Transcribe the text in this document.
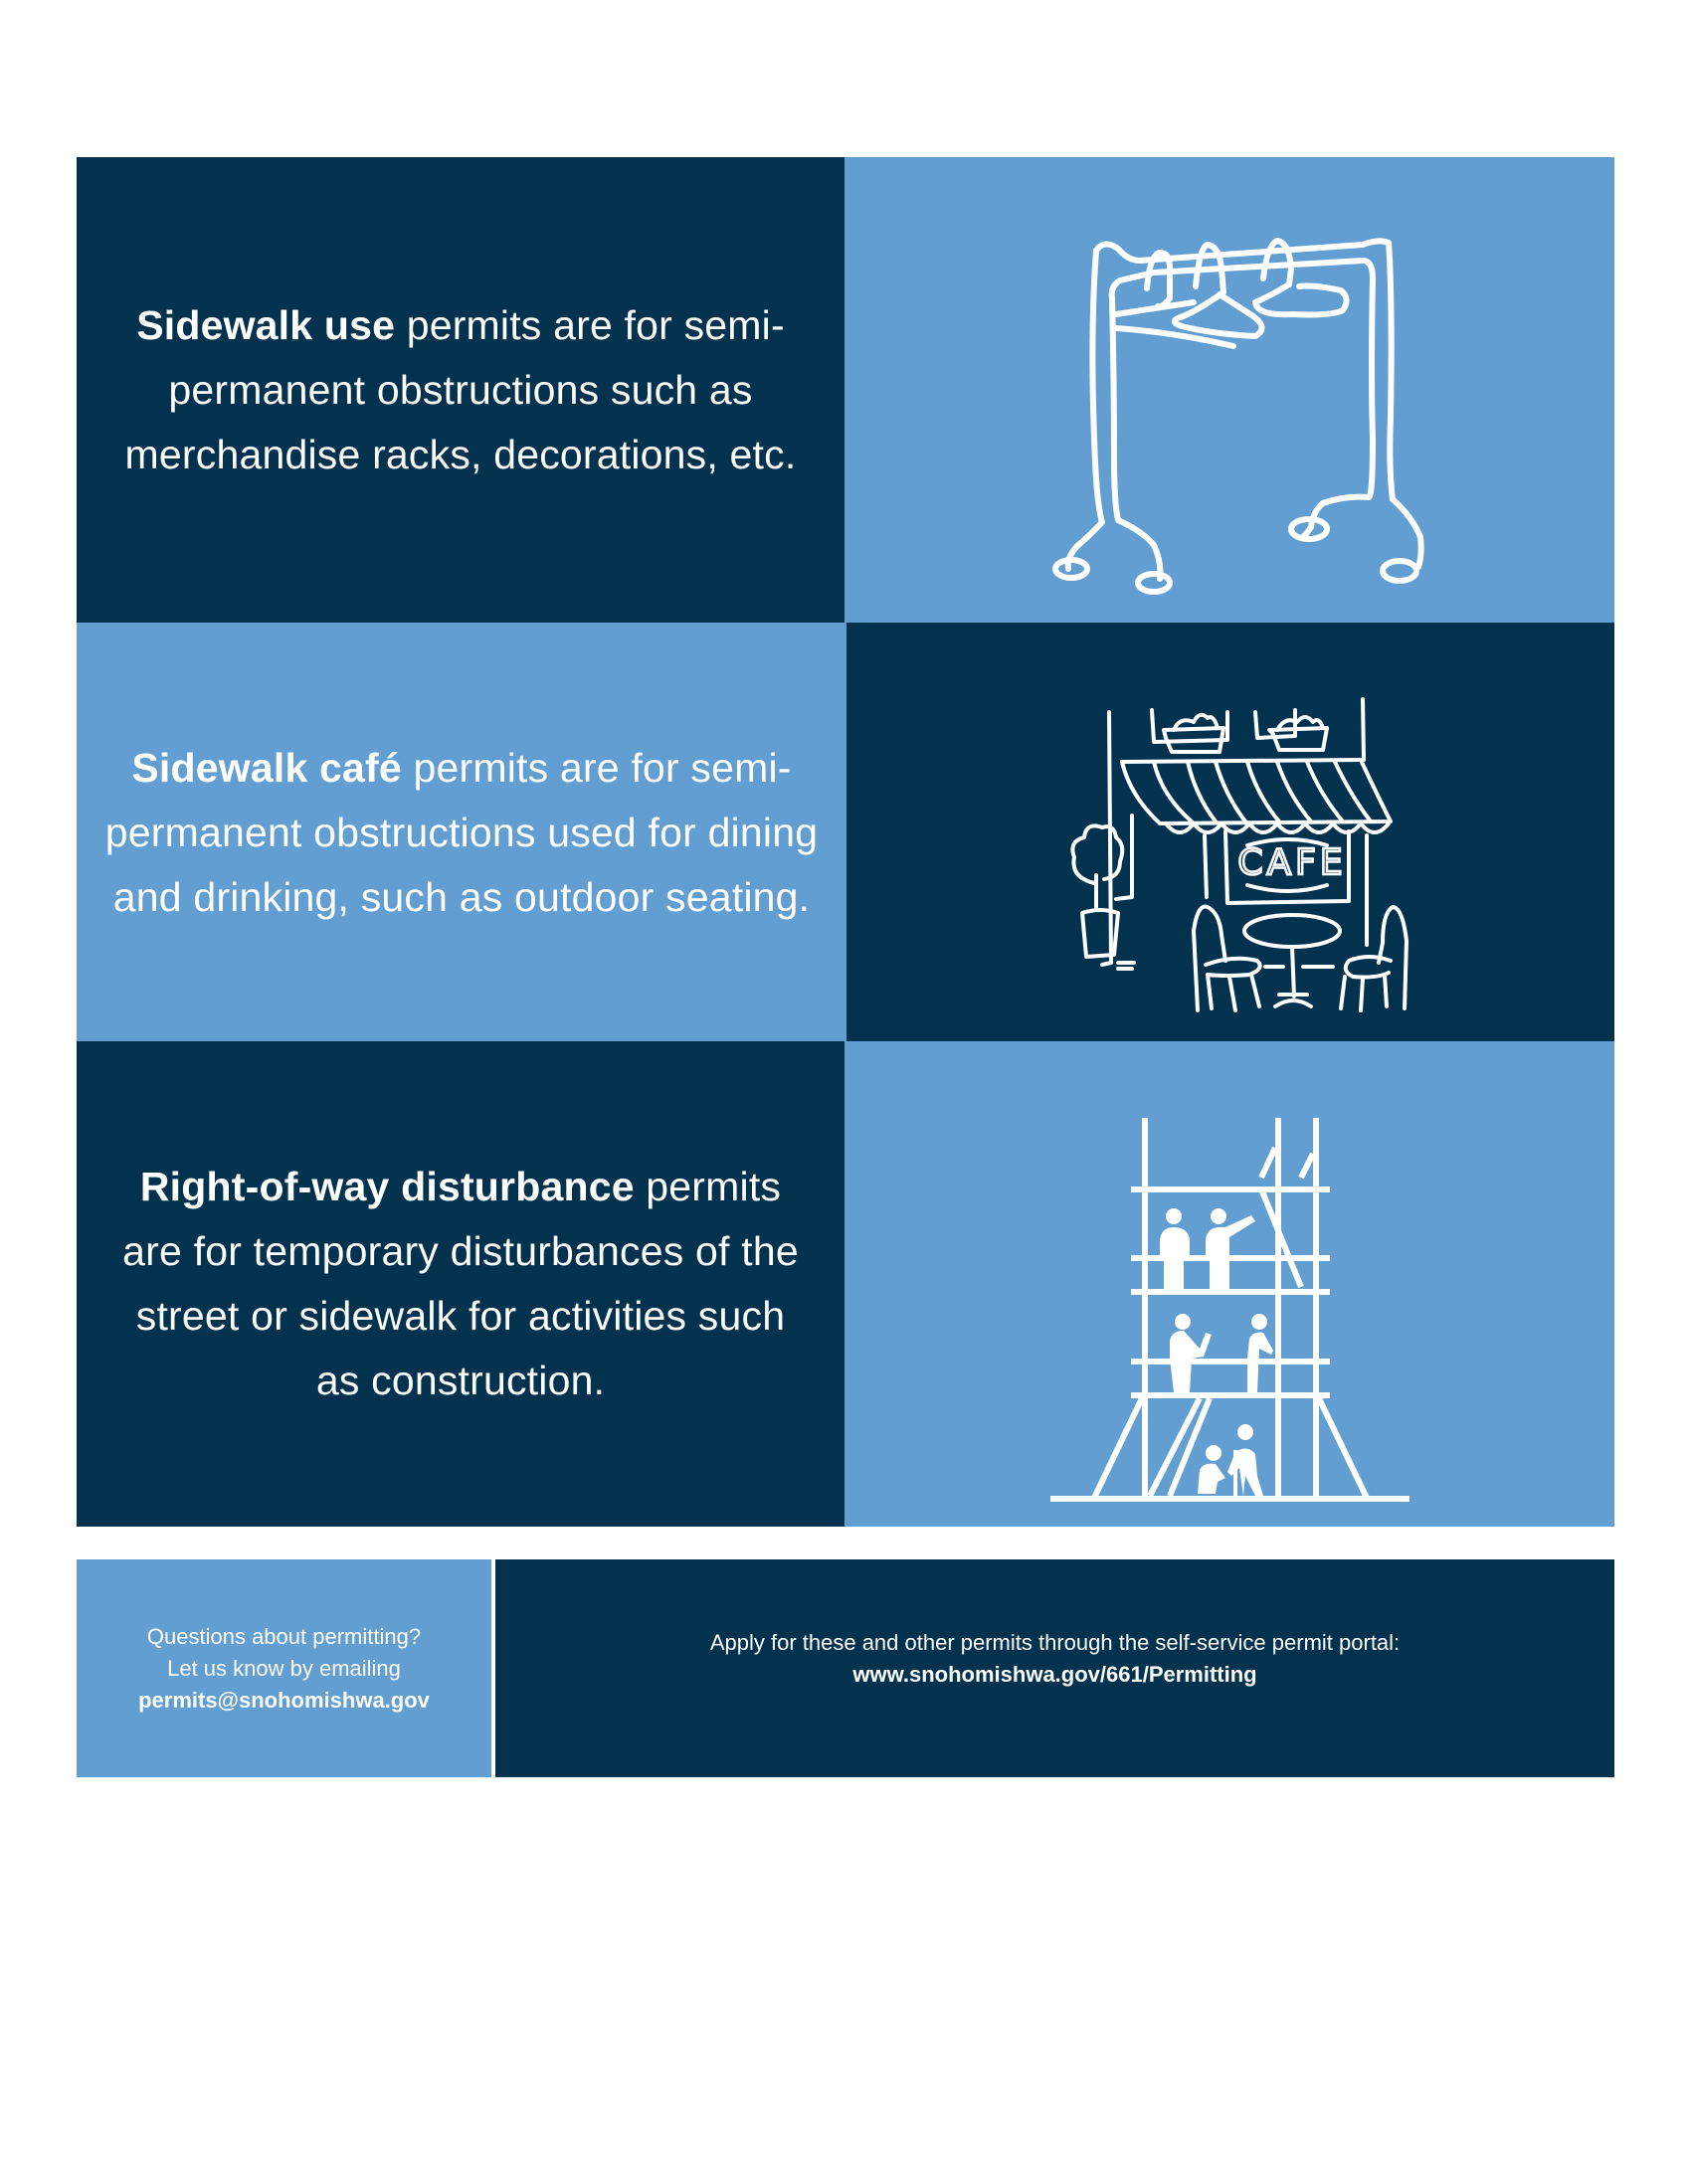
Sidewalk use permits are for semi-permanent obstructions such as merchandise racks, decorations, etc.

Sidewalk café permits are for semi-permanent obstructions used for dining and drinking, such as outdoor seating.

CAFE

Right-of-way disturbance permits are for temporary disturbances of the street or sidewalk for activities such as construction.

Questions about permitting?
Let us know by emailing
permits@snohomishwa.gov
Apply for these and other permits through the self-service permit portal:
www.snohomishwa.gov/661/Permitting
